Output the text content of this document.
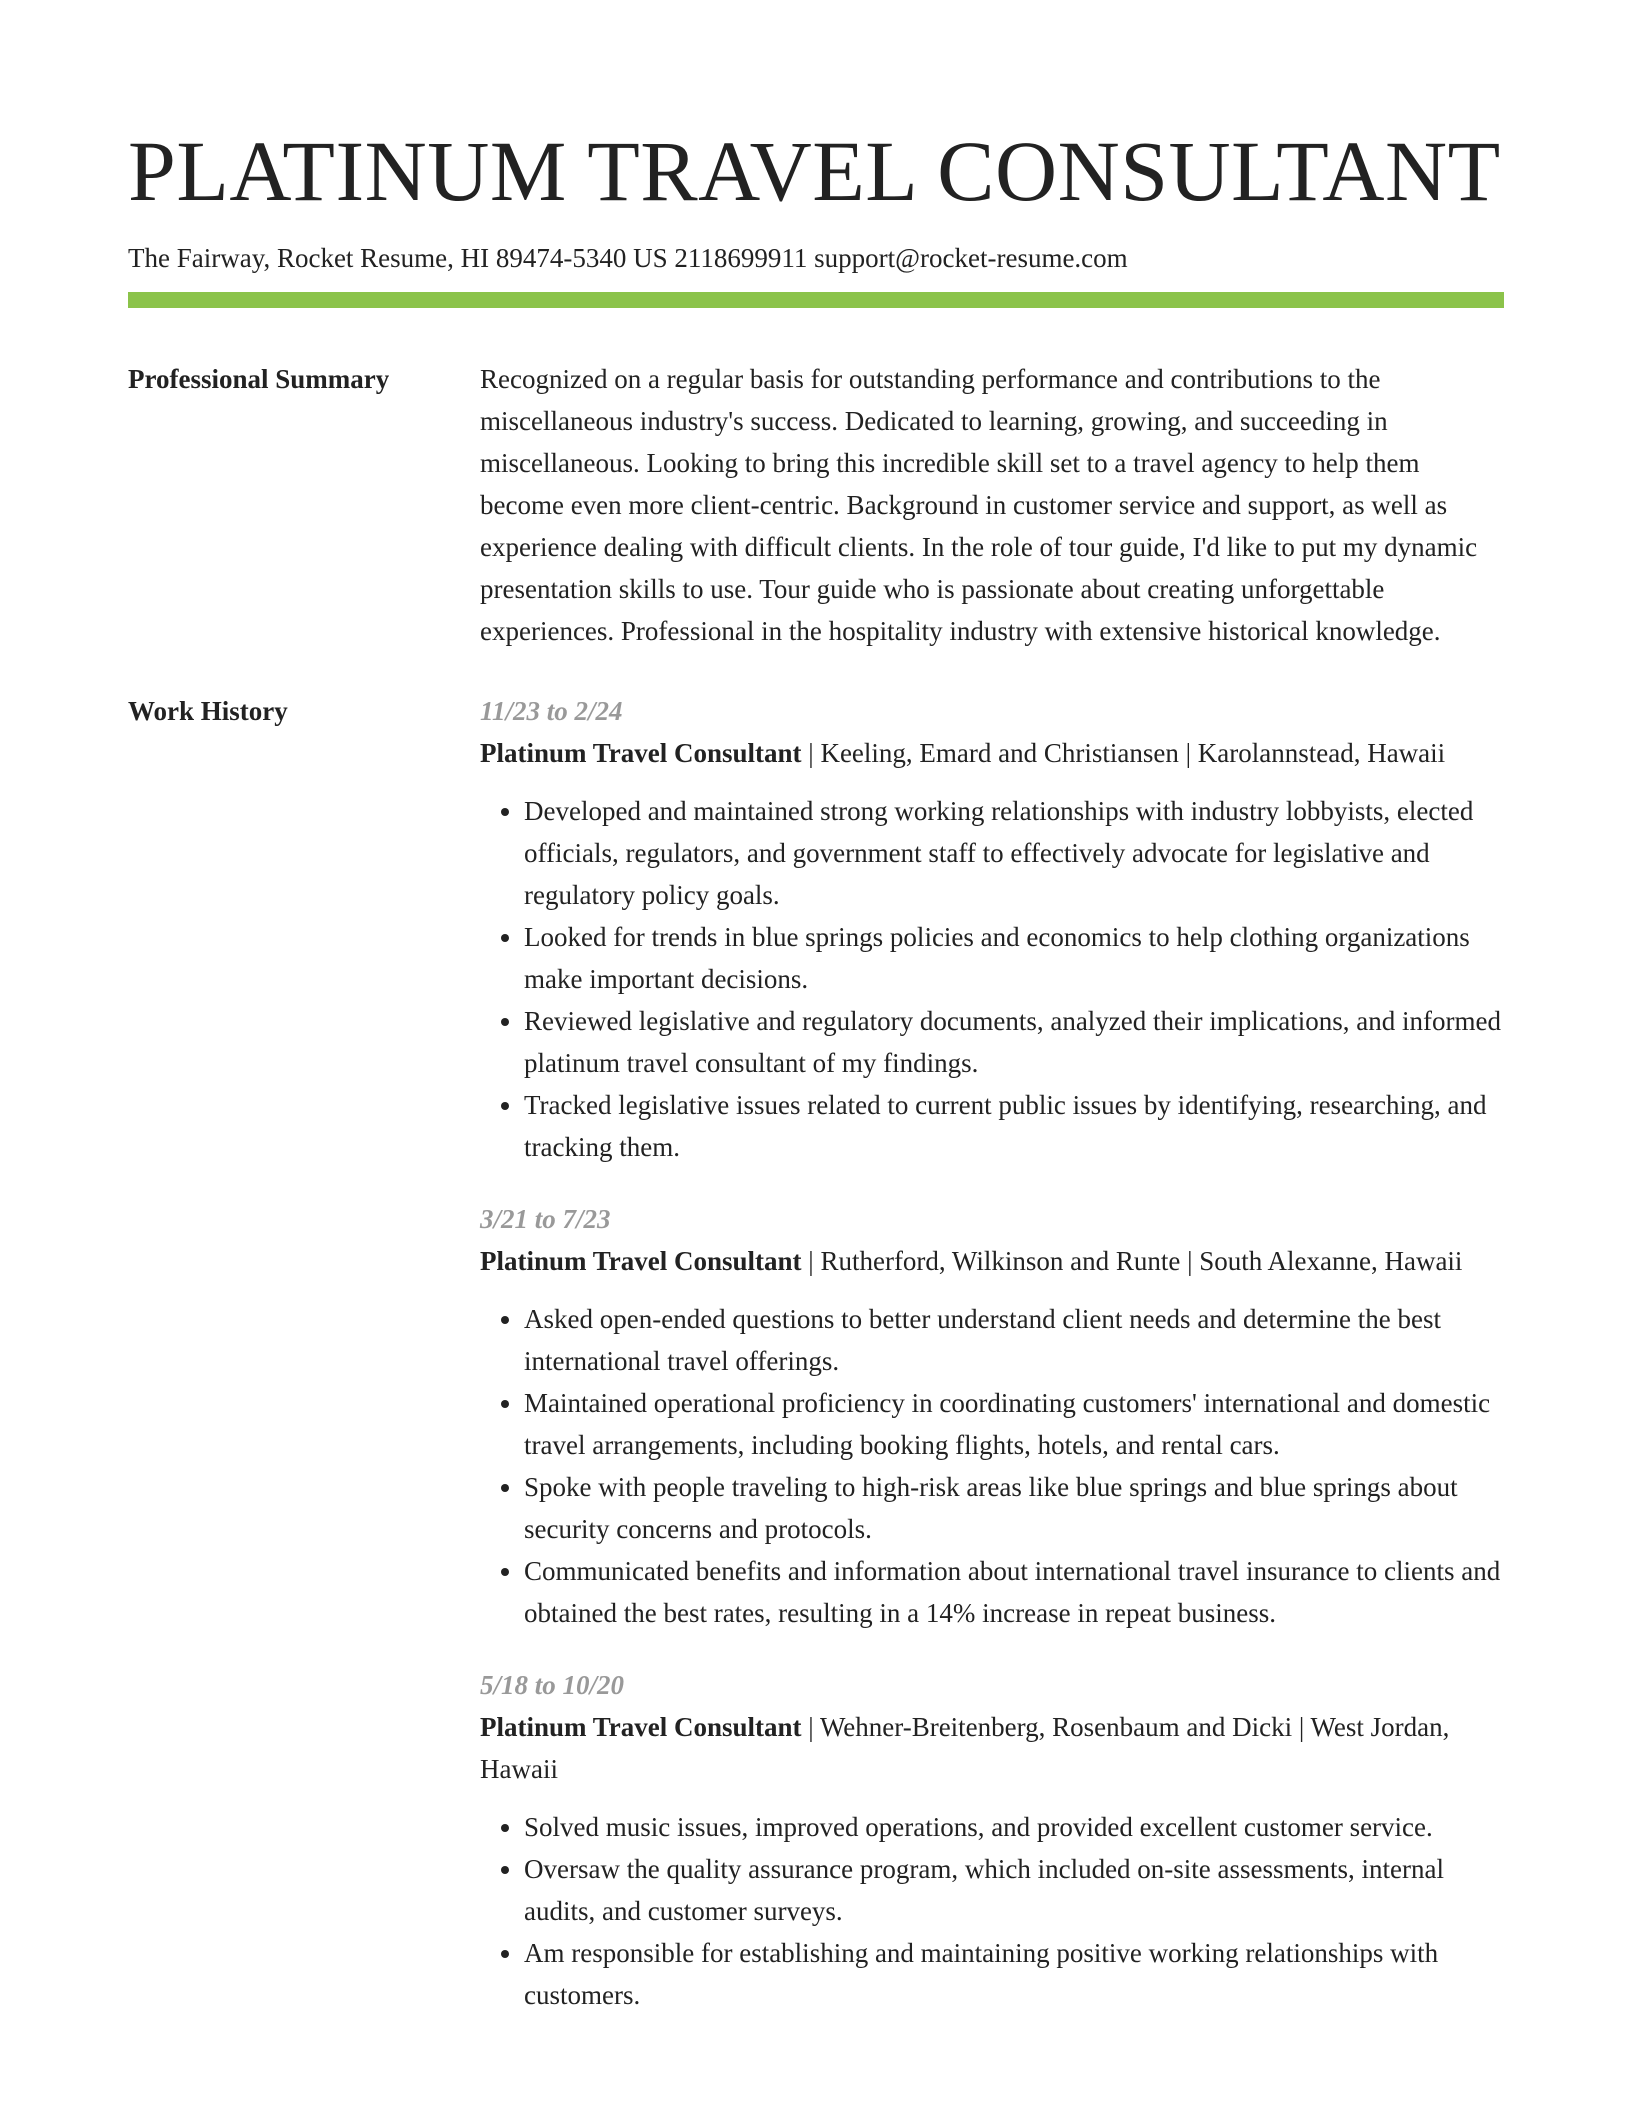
PLATINUM TRAVEL CONSULTANT
The Fairway, Rocket Resume, HI 89474-5340 US 2118699911 support@rocket-resume.com
Professional Summary	Recognized on a regular basis for outstanding performance and contributions to the miscellaneous industry's success. Dedicated to learning, growing, and succeeding in miscellaneous. Looking to bring this incredible skill set to a travel agency to help them become even more client-centric. Background in customer service and support, as well as experience dealing with difficult clients. In the role of tour guide, I'd like to put my dynamic presentation skills to use. Tour guide who is passionate about creating unforgettable experiences. Professional in the hospitality industry with extensive historical knowledge.
Work History	11/23 to 2/24
Platinum Travel Consultant | Keeling, Emard and Christiansen | Karolannstead, Hawaii
• Developed and maintained strong working relationships with industry lobbyists, elected officials, regulators, and government staff to effectively advocate for legislative and regulatory policy goals.
• Looked for trends in blue springs policies and economics to help clothing organizations make important decisions.
• Reviewed legislative and regulatory documents, analyzed their implications, and informed platinum travel consultant of my findings.
• Tracked legislative issues related to current public issues by identifying, researching, and tracking them.
3/21 to 7/23
Platinum Travel Consultant | Rutherford, Wilkinson and Runte | South Alexanne, Hawaii
• Asked open-ended questions to better understand client needs and determine the best international travel offerings.
• Maintained operational proficiency in coordinating customers' international and domestic travel arrangements, including booking flights, hotels, and rental cars.
• Spoke with people traveling to high-risk areas like blue springs and blue springs about security concerns and protocols.
• Communicated benefits and information about international travel insurance to clients and obtained the best rates, resulting in a 14% increase in repeat business.
5/18 to 10/20
Platinum Travel Consultant | Wehner-Breitenberg, Rosenbaum and Dicki | West Jordan, Hawaii
• Solved music issues, improved operations, and provided excellent customer service.
• Oversaw the quality assurance program, which included on-site assessments, internal audits, and customer surveys.
• Am responsible for establishing and maintaining positive working relationships with customers.
